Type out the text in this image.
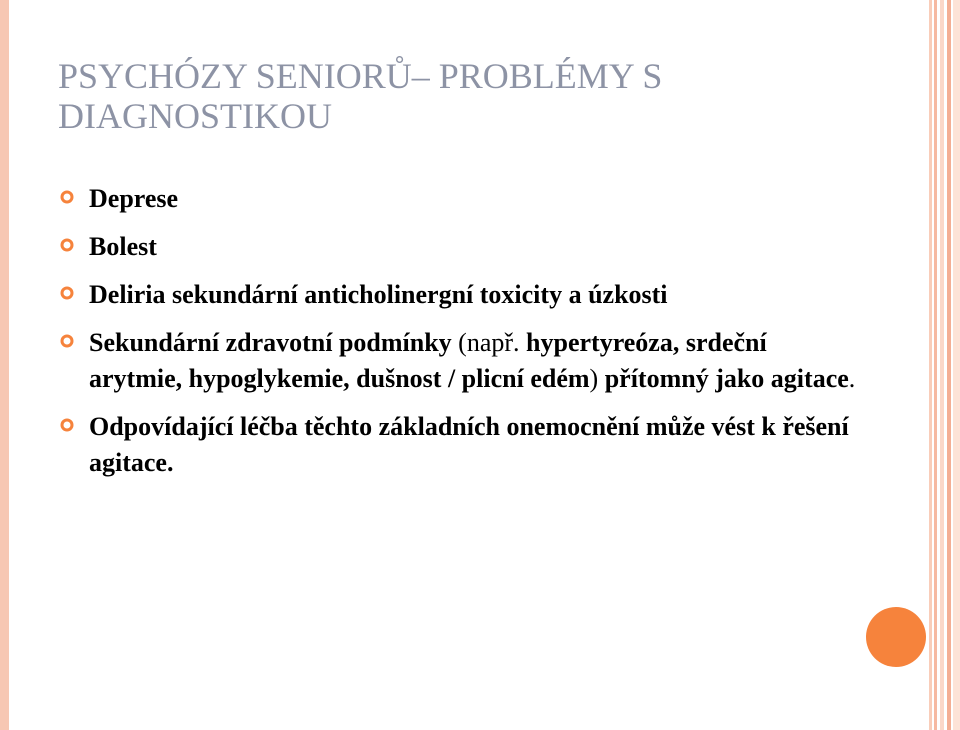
PSYCHÓZY SENIORŮ– PROBLÉMY S DIAGNOSTIKOU
Deprese
Bolest
Deliria sekundární anticholinergní toxicity a úzkosti
Sekundární zdravotní podmínky (např. hypertyreóza, srdeční arytmie, hypoglykemie, dušnost / plicní edém) přítomný jako agitace.
Odpovídající léčba těchto základních onemocnění může vést k řešení agitace.
